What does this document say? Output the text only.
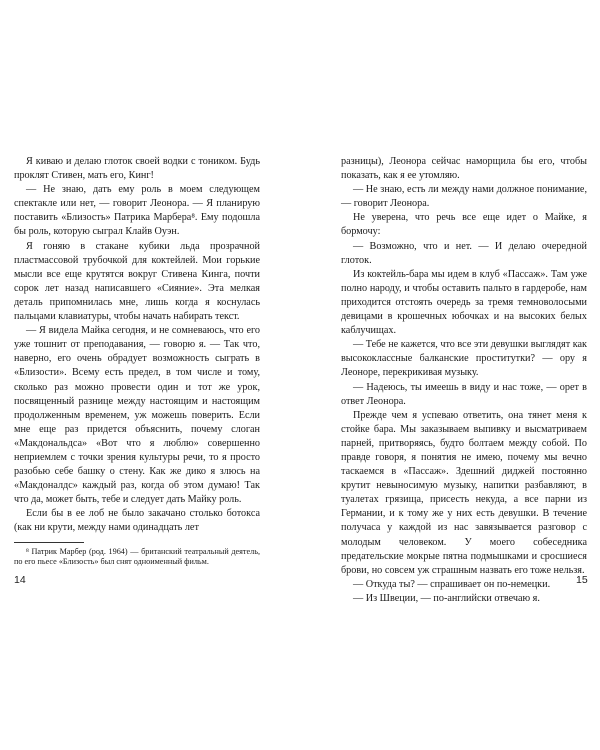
Я киваю и делаю глоток своей водки с тоником. Будь проклят Стивен, мать его, Кинг!

— Не знаю, дать ему роль в моем следующем спектакле или нет, — говорит Леонора. — Я планирую поставить «Близость» Патрика Марбера⁸. Ему подошла бы роль, которую сыграл Клайв Оуэн.

Я гоняю в стакане кубики льда прозрачной пластмассовой трубочкой для коктейлей. Мои горькие мысли все еще крутятся вокруг Стивена Кинга, почти сорок лет назад написавшего «Сияние». Эта мелкая деталь припомнилась мне, лишь когда я коснулась пальцами клавиатуры, чтобы начать набирать текст.

— Я видела Майка сегодня, и не сомневаюсь, что его уже тошнит от преподавания, — говорю я. — Так что, наверно, его очень обрадует возможность сыграть в «Близости». Всему есть предел, в том числе и тому, сколько раз можно провести один и тот же урок, посвященный разнице между настоящим и настоящим продолженным временем, уж можешь поверить. Если мне еще раз придется объяснить, почему слоган «Макдональдса» «Вот что я люблю» совершенно неприемлем с точки зрения культуры речи, то я просто разобью себе башку о стену. Как же дико я злюсь на «Макдоналдс» каждый раз, когда об этом думаю! Так что да, может быть, тебе и следует дать Майку роль.

Если бы в ее лоб не было закачано столько ботокса (как ни крути, между нами одинадцать лет

⁸ Патрик Марбер (род. 1964) — британский театральный деятель, по его пьесе «Близость» был снят одноименный фильм.

разницы), Леонора сейчас наморщила бы его, чтобы показать, как я ее утомляю.

— Не знаю, есть ли между нами должное понимание, — говорит Леонора.

Не уверена, что речь все еще идет о Майке, я бормочу:

— Возможно, что и нет. — И делаю очередной глоток.

Из коктейль-бара мы идем в клуб «Пассаж». Там уже полно народу, и чтобы оставить пальто в гардеробе, нам приходится отстоять очередь за тремя темноволосыми девицами в крошечных юбочках и на высоких белых каблучищах.

— Тебе не кажется, что все эти девушки выглядят как высококлассные балканские проститутки? — ору я Леоноре, перекрикивая музыку.

— Надеюсь, ты имеешь в виду и нас тоже, — орет в ответ Леонора.

Прежде чем я успеваю ответить, она тянет меня к стойке бара. Мы заказываем выпивку и высматриваем парней, притворяясь, будто болтаем между собой. По правде говоря, я понятия не имею, почему мы вечно таскаемся в «Пассаж». Здешний диджей постоянно крутит невыносимую музыку, напитки разбавляют, в туалетах грязища, присесть некуда, а все парни из Германии, и к тому же у них есть девушки. В течение получаса у каждой из нас завязывается разговор с молодым человеком. У моего собеседника предательские мокрые пятна подмышками и сросшиеся брови, но совсем уж страшным назвать его тоже нельзя.

— Откуда ты? — спрашивает он по-немецки.

— Из Швеции, — по-английски отвечаю я.

14	15
